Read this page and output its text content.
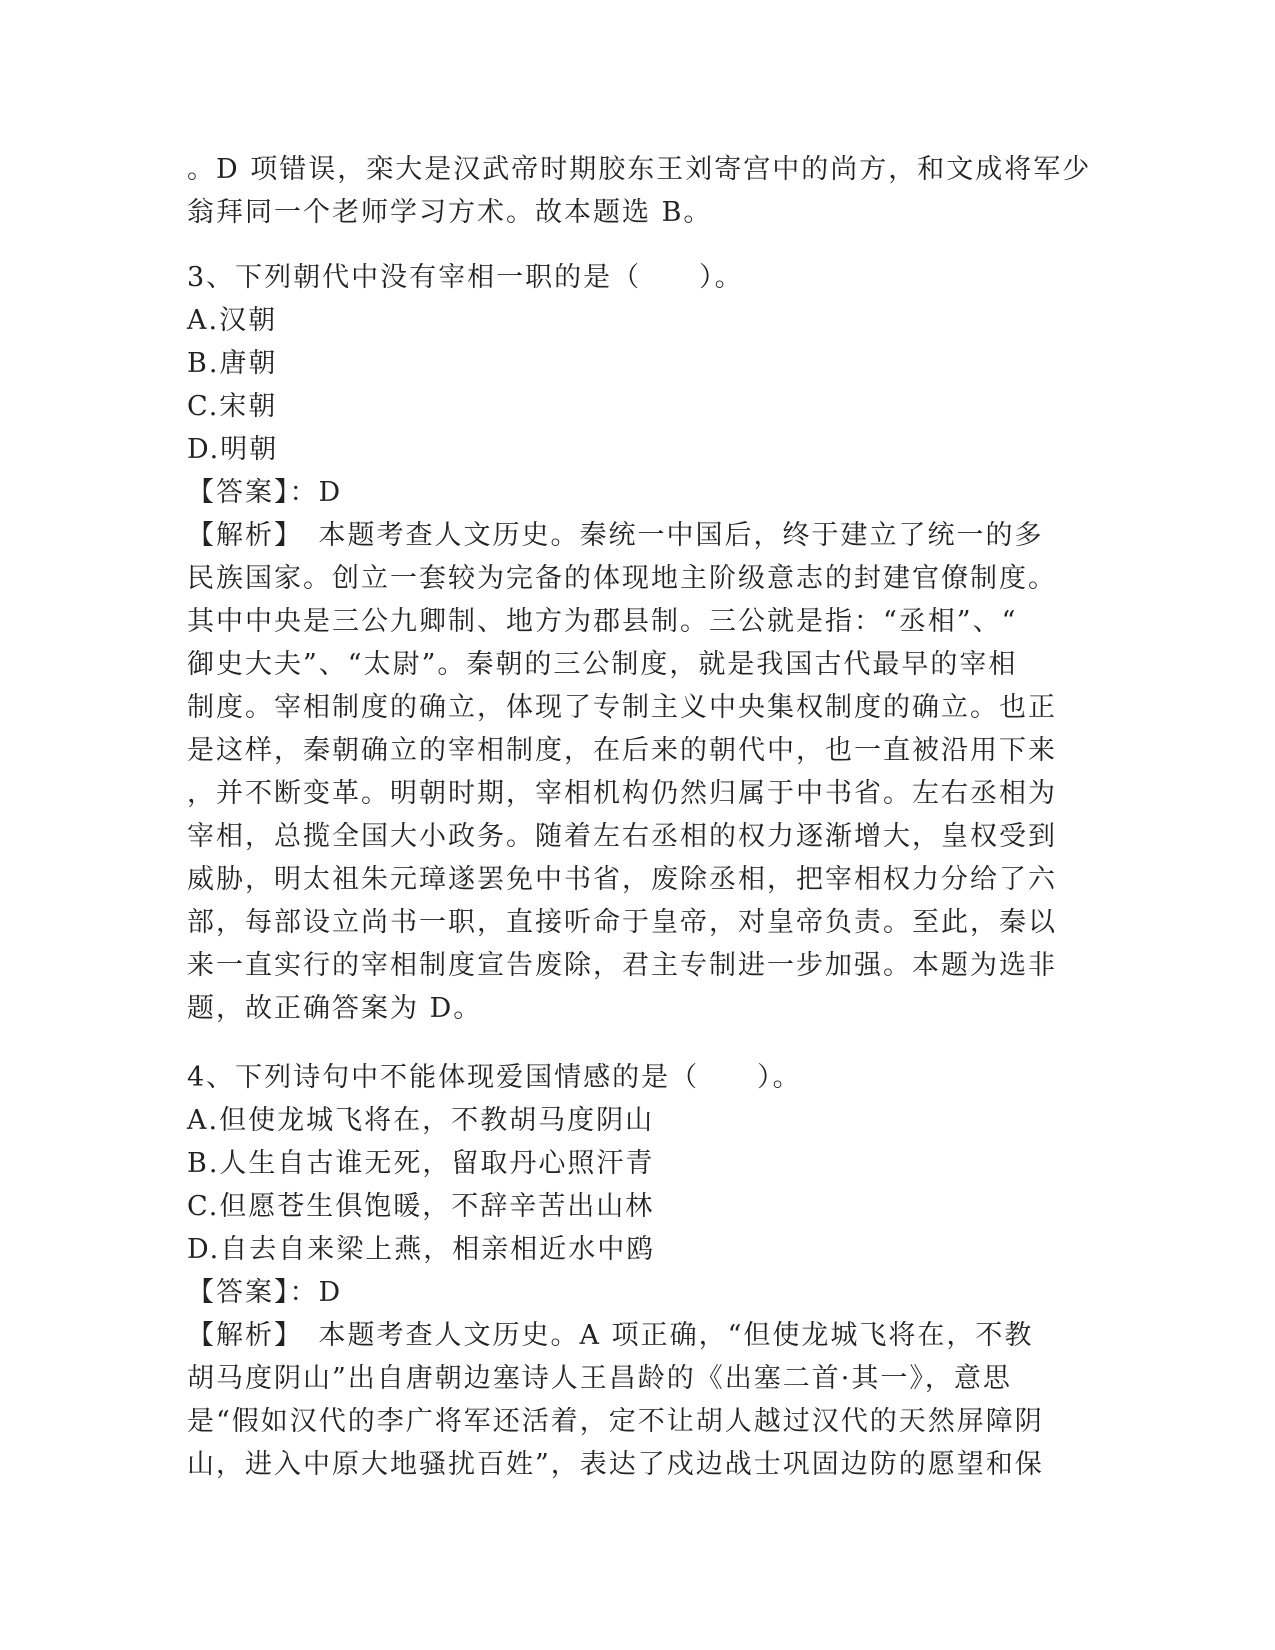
。D 项错误，栾大是汉武帝时期胶东王刘寄宫中的尚方，和文成将军少
翁拜同一个老师学习方术。故本题选 B。
3、下列朝代中没有宰相一职的是（　　）。
A.汉朝
B.唐朝
C.宋朝
D.明朝
【答案】：D
【解析】　本题考查人文历史。秦统一中国后，终于建立了统一的多
民族国家。创立一套较为完备的体现地主阶级意志的封建官僚制度。
其中中央是三公九卿制、地方为郡县制。三公就是指：“丞相”、“
御史大夫”、“太尉”。秦朝的三公制度，就是我国古代最早的宰相
制度。宰相制度的确立，体现了专制主义中央集权制度的确立。也正
是这样，秦朝确立的宰相制度，在后来的朝代中，也一直被沿用下来
，并不断变革。明朝时期，宰相机构仍然归属于中书省。左右丞相为
宰相，总揽全国大小政务。随着左右丞相的权力逐渐增大，皇权受到
威胁，明太祖朱元璋遂罢免中书省，废除丞相，把宰相权力分给了六
部，每部设立尚书一职，直接听命于皇帝，对皇帝负责。至此，秦以
来一直实行的宰相制度宣告废除，君主专制进一步加强。本题为选非
题，故正确答案为 D。
4、下列诗句中不能体现爱国情感的是（　　）。
A.但使龙城飞将在，不教胡马度阴山
B.人生自古谁无死，留取丹心照汗青
C.但愿苍生俱饱暖，不辞辛苦出山林
D.自去自来梁上燕，相亲相近水中鸥
【答案】：D
【解析】　本题考查人文历史。A 项正确，“但使龙城飞将在，不教
胡马度阴山”出自唐朝边塞诗人王昌龄的《出塞二首·其一》，意思
是“假如汉代的李广将军还活着，定不让胡人越过汉代的天然屏障阴
山，进入中原大地骚扰百姓”，表达了戍边战士巩固边防的愿望和保
